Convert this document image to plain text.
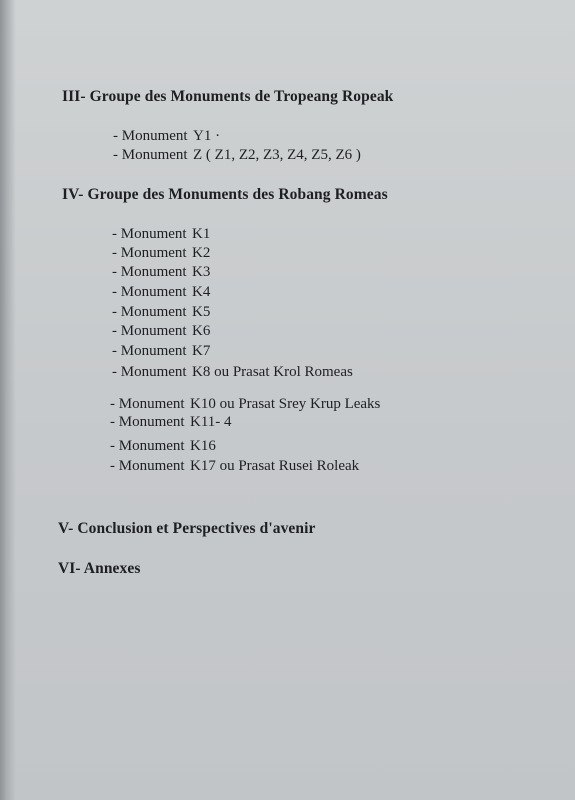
III- Groupe des Monuments de Tropeang Ropeak
- Monument Y1 ·
- Monument Z ( Z1, Z2, Z3, Z4, Z5, Z6 )
IV- Groupe des Monuments des Robang Romeas
- Monument K1
- Monument K2
- Monument K3
- Monument K4
- Monument K5
- Monument K6
- Monument K7
- Monument K8 ou Prasat Krol Romeas
- Monument K10 ou Prasat Srey Krup Leaks
- Monument K11- 4
- Monument K16
- Monument K17 ou Prasat Rusei Roleak
V- Conclusion et Perspectives d'avenir
VI- Annexes
